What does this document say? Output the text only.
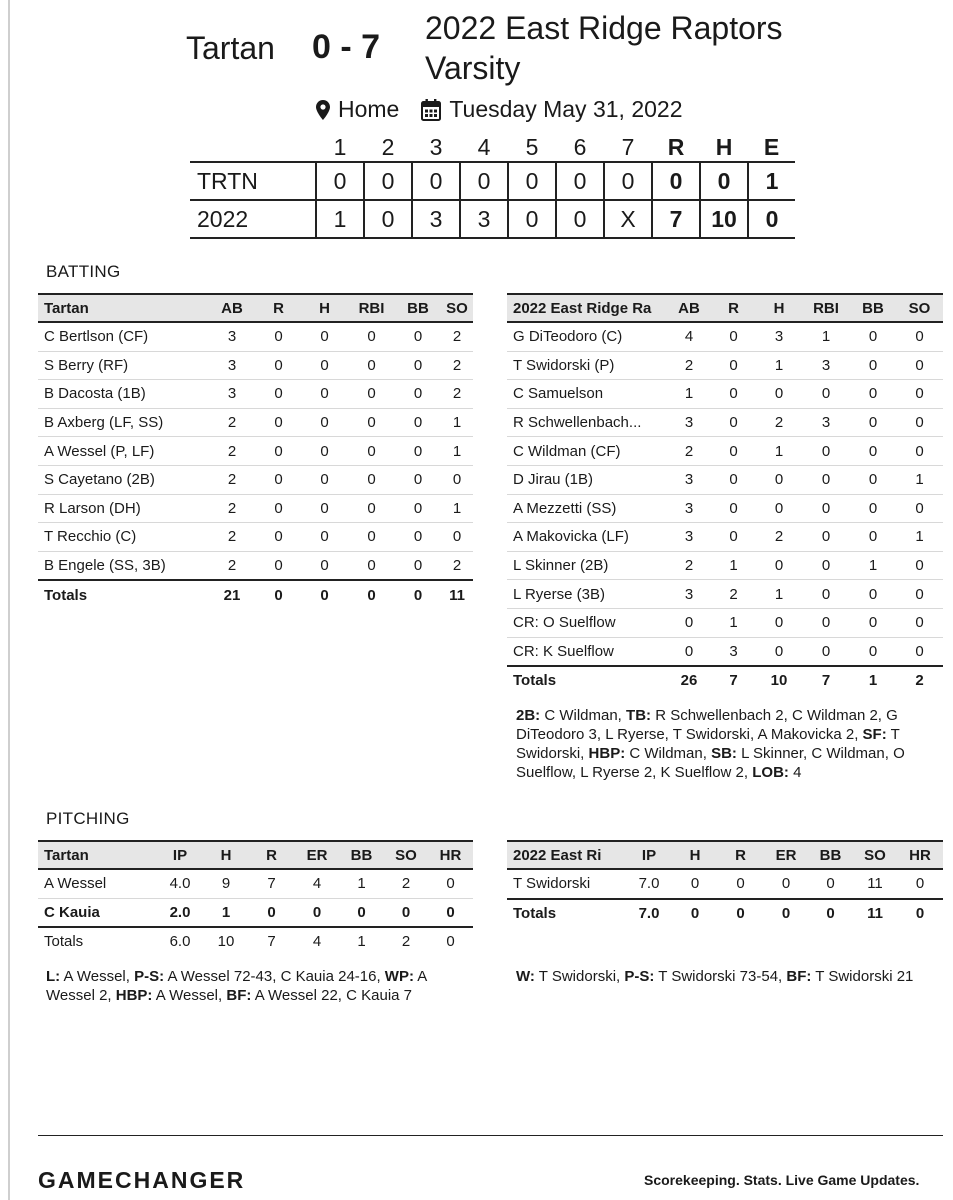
Tartan 0 - 7 2022 East Ridge Raptors Varsity
Home Tuesday May 31, 2022
	1	2	3	4	5	6	7	R	H	E
TRTN	0	0	0	0	0	0	0	0	0	1
2022	1	0	3	3	0	0	X	7	10	0
BATTING
Tartan	AB	R	H	RBI	BB	SO
C Bertlson (CF)	3	0	0	0	0	2
S Berry (RF)	3	0	0	0	0	2
B Dacosta (1B)	3	0	0	0	0	2
B Axberg (LF, SS)	2	0	0	0	0	1
A Wessel (P, LF)	2	0	0	0	0	1
S Cayetano (2B)	2	0	0	0	0	0
R Larson (DH)	2	0	0	0	0	1
T Recchio (C)	2	0	0	0	0	0
B Engele (SS, 3B)	2	0	0	0	0	2
Totals	21	0	0	0	0	11
2022 East Ridge Ra	AB	R	H	RBI	BB	SO
G DiTeodoro (C)	4	0	3	1	0	0
T Swidorski (P)	2	0	1	3	0	0
C Samuelson	1	0	0	0	0	0
R Schwellenbach...	3	0	2	3	0	0
C Wildman (CF)	2	0	1	0	0	0
D Jirau (1B)	3	0	0	0	0	1
A Mezzetti (SS)	3	0	0	0	0	0
A Makovicka (LF)	3	0	2	0	0	1
L Skinner (2B)	2	1	0	0	1	0
L Ryerse (3B)	3	2	1	0	0	0
CR: O Suelflow	0	1	0	0	0	0
CR: K Suelflow	0	3	0	0	0	0
Totals	26	7	10	7	1	2
2B: C Wildman, TB: R Schwellenbach 2, C Wildman 2, G DiTeodoro 3, L Ryerse, T Swidorski, A Makovicka 2, SF: T Swidorski, HBP: C Wildman, SB: L Skinner, C Wildman, O Suelflow, L Ryerse 2, K Suelflow 2, LOB: 4
PITCHING
Tartan	IP	H	R	ER	BB	SO	HR
A Wessel	4.0	9	7	4	1	2	0
C Kauia	2.0	1	0	0	0	0	0
Totals	6.0	10	7	4	1	2	0
2022 East Ri	IP	H	R	ER	BB	SO	HR
T Swidorski	7.0	0	0	0	0	11	0
Totals	7.0	0	0	0	0	11	0
L: A Wessel, P-S: A Wessel 72-43, C Kauia 24-16, WP: A Wessel 2, HBP: A Wessel, BF: A Wessel 22, C Kauia 7
W: T Swidorski, P-S: T Swidorski 73-54, BF: T Swidorski 21
GAMECHANGER	Scorekeeping. Stats. Live Game Updates.
